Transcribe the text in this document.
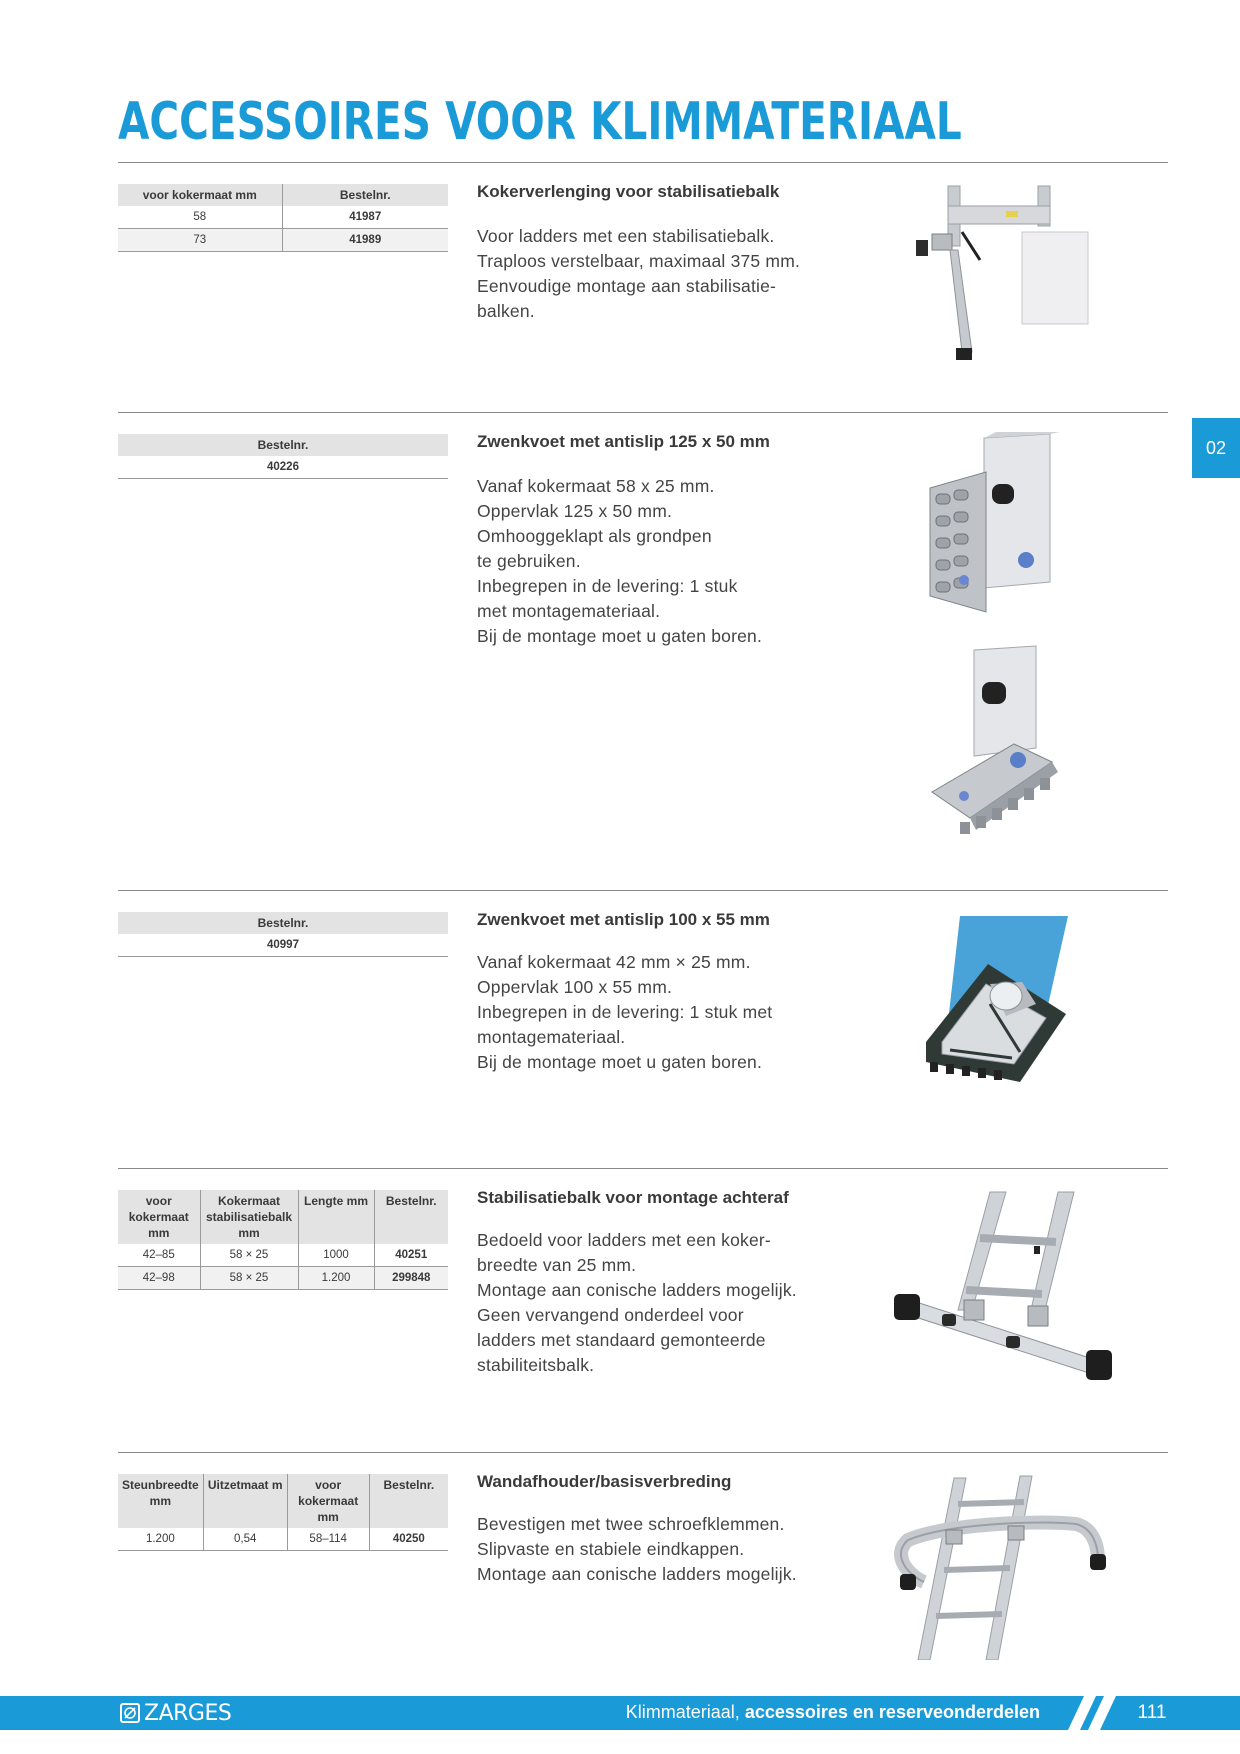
ACCESSOIRES VOOR KLIMMATERIAAL
02
voor kokermaat mm	Bestelnr.
58	41987
73	41989
Kokerverlenging voor stabilisatiebalk
Voor ladders met een stabilisatiebalk.
Traploos verstelbaar, maximaal 375 mm.
Eenvoudige montage aan stabilisatie-
balken.
Bestelnr.
40226
Zwenkvoet met antislip 125 x 50 mm
Vanaf kokermaat 58 x 25 mm.
Oppervlak 125 x 50 mm.
Omhooggeklapt als grondpen
te gebruiken.
Inbegrepen in de levering: 1 stuk
met montagemateriaal.
Bij de montage moet u gaten boren.
Bestelnr.
40997
Zwenkvoet met antislip 100 x 55 mm
Vanaf kokermaat 42 mm × 25 mm.
Oppervlak 100 x 55 mm.
Inbegrepen in de levering: 1 stuk met
montagemateriaal.
Bij de montage moet u gaten boren.
voor kokermaat mm	Kokermaat stabilisatiebalk mm	Lengte mm	Bestelnr.
42–85	58 × 25	1000	40251
42–98	58 × 25	1.200	299848
Stabilisatiebalk voor montage achteraf
Bedoeld voor ladders met een koker-
breedte van 25 mm.
Montage aan conische ladders mogelijk.
Geen vervangend onderdeel voor
ladders met standaard gemonteerde
stabiliteitsbalk.
Steunbreedte mm	Uitzetmaat m	voor kokermaat mm	Bestelnr.
1.200	0,54	58–114	40250
Wandafhouder/basisverbreding
Bevestigen met twee schroefklemmen.
Slipvaste en stabiele eindkappen.
Montage aan conische ladders mogelijk.
ZARGES	Klimmateriaal, accessoires en reserveonderdelen	111
